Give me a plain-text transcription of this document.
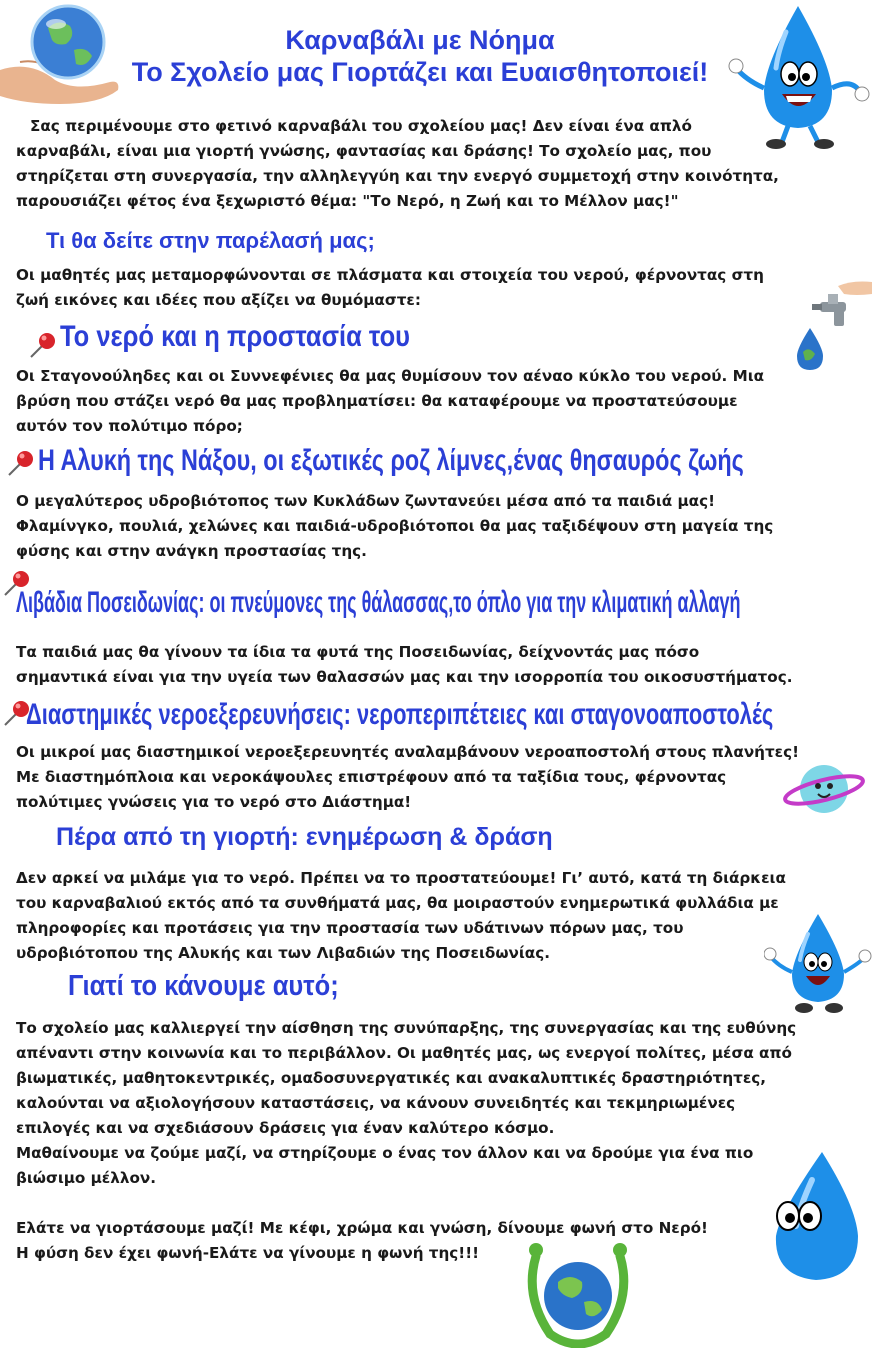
Καρναβάλι με Νόημα
Το Σχολείο μας Γιορτάζει και Ευαισθητοποιεί!
Σας περιμένουμε στο φετινό καρναβάλι του σχολείου μας! Δεν είναι ένα απλό
καρναβάλι, είναι μια γιορτή γνώσης, φαντασίας και δράσης! Το σχολείο μας, που
στηρίζεται στη συνεργασία, την αλληλεγγύη και την ενεργό συμμετοχή στην κοινότητα,
παρουσιάζει φέτος ένα ξεχωριστό θέμα: "Το Νερό, η Ζωή και το Μέλλον μας!"
Τι θα δείτε στην παρέλασή μας;
Οι μαθητές μας μεταμορφώνονται σε πλάσματα και στοιχεία του νερού, φέρνοντας στη
ζωή εικόνες και ιδέες που αξίζει να θυμόμαστε:
Το νερό και η προστασία του
Οι Σταγονούληδες και οι Συννεφένιες θα μας θυμίσουν τον αέναο κύκλο του νερού. Μια
βρύση που στάζει νερό θα μας προβληματίσει: θα καταφέρουμε να προστατεύσουμε
αυτόν τον πολύτιμο πόρο;
Η Αλυκή της Νάξου, οι εξωτικές ροζ λίμνες,ένας θησαυρός ζωής
Ο μεγαλύτερος υδροβιότοπος των Κυκλάδων ζωντανεύει μέσα από τα παιδιά μας!
Φλαμίνγκο, πουλιά, χελώνες και παιδιά-υδροβιότοποι θα μας ταξιδέψουν στη μαγεία της
φύσης και στην ανάγκη προστασίας της.
Λιβάδια Ποσειδωνίας: οι πνεύμονες της θάλασσας,το όπλο για την κλιματική αλλαγή
Τα παιδιά μας θα γίνουν τα ίδια τα φυτά της Ποσειδωνίας, δείχνοντάς μας πόσο
σημαντικά είναι για την υγεία των θαλασσών μας και την ισορροπία του οικοσυστήματος.
Διαστημικές νεροεξερευνήσεις: νεροπεριπέτειες και σταγονοαποστολές
Οι μικροί μας διαστημικοί νεροεξερευνητές αναλαμβάνουν νεροαποστολή στους πλανήτες!
Με διαστημόπλοια και νεροκάψουλες επιστρέφουν από τα ταξίδια τους, φέρνοντας
πολύτιμες γνώσεις για το νερό στο Διάστημα!
Πέρα από τη γιορτή: ενημέρωση & δράση
Δεν αρκεί να μιλάμε για το νερό. Πρέπει να το προστατεύουμε! Γι’ αυτό, κατά τη διάρκεια
του καρναβαλιού εκτός από τα συνθήματά μας, θα μοιραστούν ενημερωτικά φυλλάδια με
πληροφορίες και προτάσεις για την προστασία των υδάτινων πόρων μας, του
υδροβιότοπου της Αλυκής και των Λιβαδιών της Ποσειδωνίας.
Γιατί το κάνουμε αυτό;
Το σχολείο μας καλλιεργεί την αίσθηση της συνύπαρξης, της συνεργασίας και της ευθύνης
απέναντι στην κοινωνία και το περιβάλλον. Οι μαθητές μας, ως ενεργοί πολίτες, μέσα από
βιωματικές, μαθητοκεντρικές, ομαδοσυνεργατικές και ανακαλυπτικές δραστηριότητες,
καλούνται να αξιολογήσουν καταστάσεις, να κάνουν συνειδητές και τεκμηριωμένες
επιλογές και να σχεδιάσουν δράσεις για έναν καλύτερο κόσμο.
Μαθαίνουμε να ζούμε μαζί, να στηρίζουμε ο ένας τον άλλον και να δρούμε για ένα πιο
βιώσιμο μέλλον.
Ελάτε να γιορτάσουμε μαζί! Με κέφι, χρώμα και γνώση, δίνουμε φωνή στο Νερό!
Η φύση δεν έχει φωνή-Ελάτε να γίνουμε η φωνή της!!!
